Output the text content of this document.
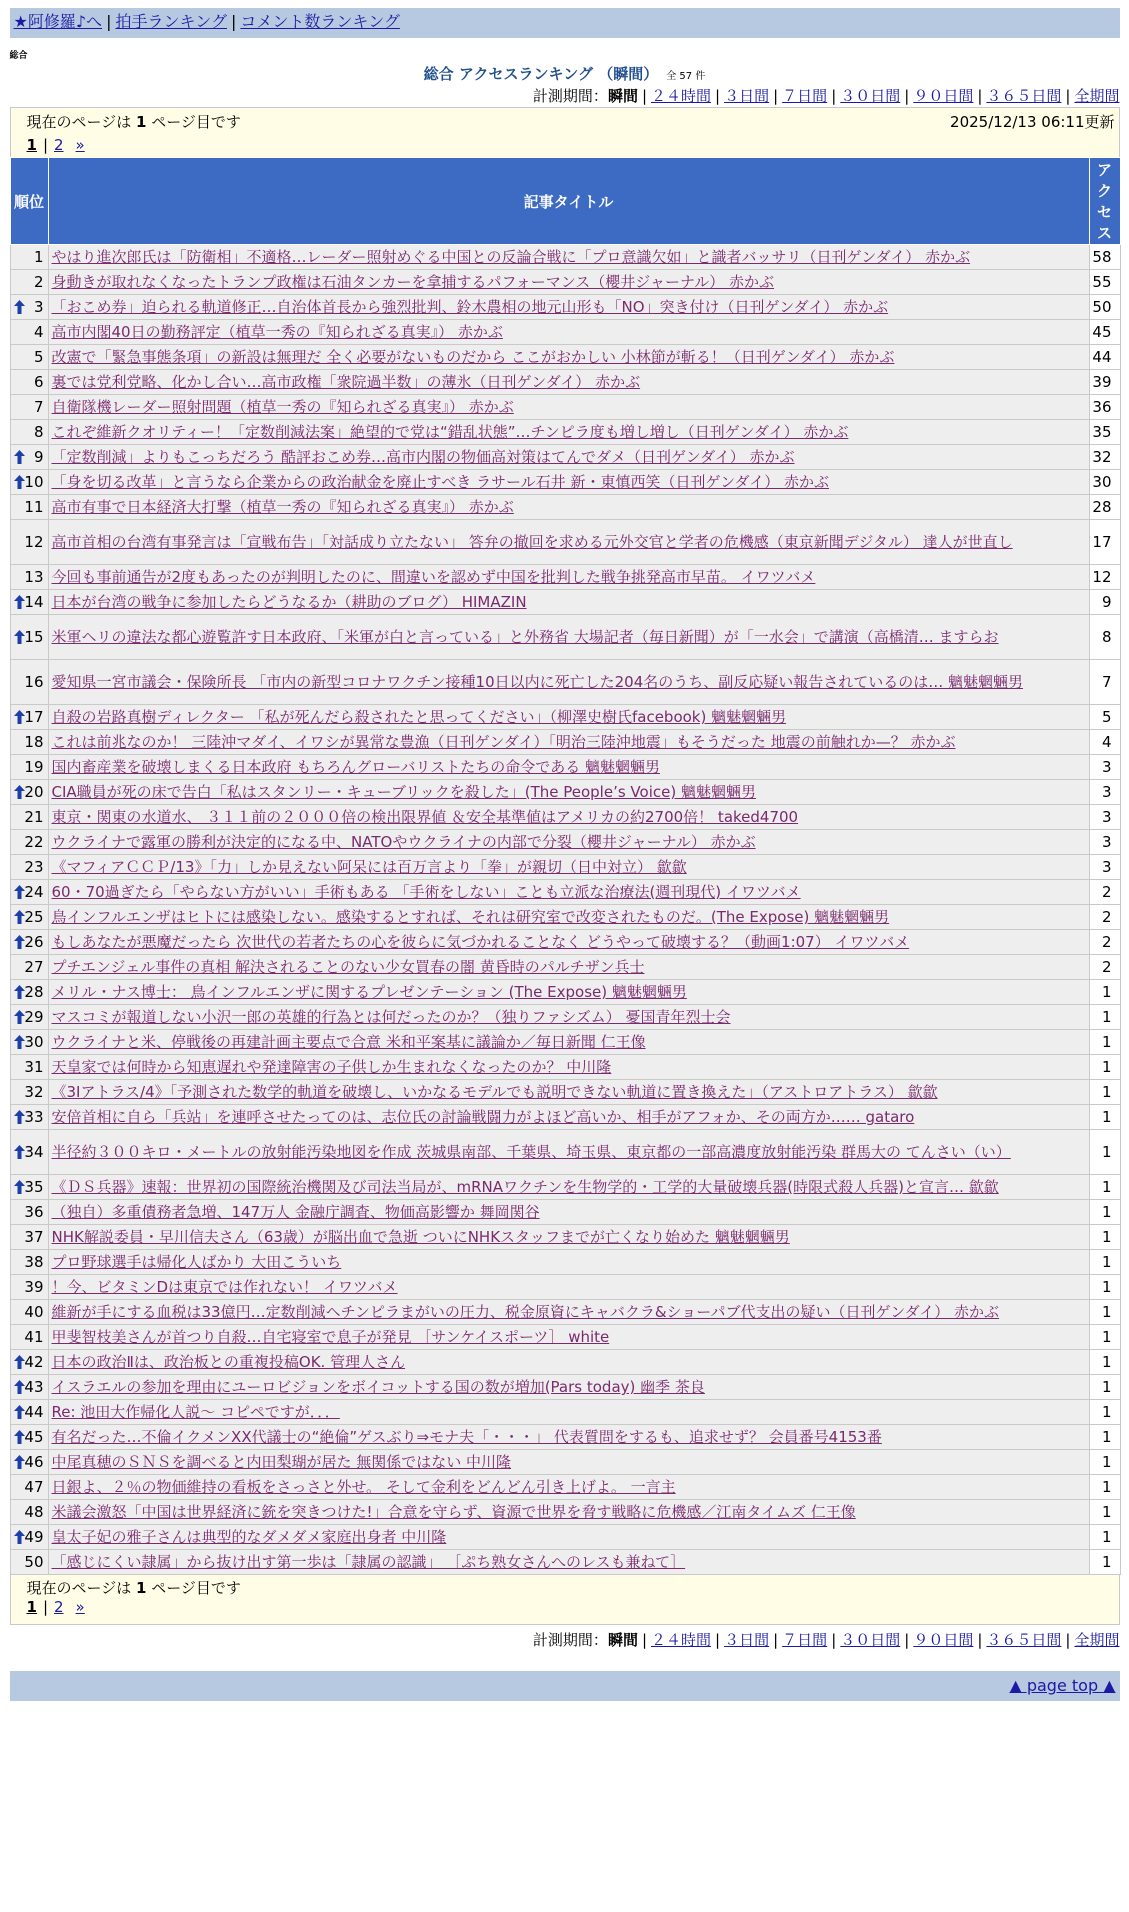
★阿修羅♪へ | 拍手ランキング | コメント数ランキング
総合
総合 アクセスランキング （瞬間） 全 57 件
計測期間：瞬間 | ２４時間 | ３日間 | ７日間 | ３０日間 | ９０日間 | ３６５日間 | 全期間
現在のページは 1 ページ目です	2025/12/13 06:11更新
1 | 2 »
順位	記事タイトル	アクセス
1	やはり進次郎氏は「防衛相」不適格…レーダー照射めぐる中国との反論合戦に「プロ意識欠如」と識者バッサリ（日刊ゲンダイ） 赤かぶ	58
2	身動きが取れなくなったトランプ政権は石油タンカーを拿捕するパフォーマンス（櫻井ジャーナル） 赤かぶ	55

3	「おこめ券」迫られる軌道修正…自治体首長から強烈批判、鈴木農相の地元山形も「NO」突き付け（日刊ゲンダイ） 赤かぶ	50
4	高市内閣40日の勤務評定（植草一秀の『知られざる真実』） 赤かぶ	45
5	改憲で「緊急事態条項」の新設は無理だ 全く必要がないものだから ここがおかしい 小林節が斬る！（日刊ゲンダイ） 赤かぶ	44
6	裏では党利党略、化かし合い…高市政権「衆院過半数」の薄氷（日刊ゲンダイ） 赤かぶ	39
7	自衛隊機レーダー照射問題（植草一秀の『知られざる真実』） 赤かぶ	36
8	これぞ維新クオリティー！「定数削減法案」絶望的で党は“錯乱状態”…チンピラ度も増し増し（日刊ゲンダイ） 赤かぶ	35

9	「定数削減」よりもこっちだろう 酷評おこめ券…高市内閣の物価高対策はてんでダメ（日刊ゲンダイ） 赤かぶ	32

10	「身を切る改革」と言うなら企業からの政治献金を廃止すべき ラサール石井 新・東慎西笑（日刊ゲンダイ） 赤かぶ	30
11	高市有事で日本経済大打撃（植草一秀の『知られざる真実』） 赤かぶ	28
12	高市首相の台湾有事発言は「宣戦布告」「対話成り立たない」 答弁の撤回を求める元外交官と学者の危機感（東京新聞デジタル） 達人が世直し	17
13	今回も事前通告が2度もあったのが判明したのに、間違いを認めず中国を批判した戦争挑発高市早苗。 イワツバメ	12

14	日本が台湾の戦争に参加したらどうなるか（耕助のブログ） HIMAZIN	9

15	米軍ヘリの違法な都心遊覧許す日本政府、「米軍が白と言っている」と外務省 大場記者（毎日新聞）が「一水会」で講演（高橋清… ますらお	8
16	愛知県一宮市議会・保険所長 「市内の新型コロナワクチン接種10日以内に死亡した204名のうち、副反応疑い報告されているのは… 魑魅魍魎男	7

17	自殺の岩路真樹ディレクター 「私が死んだら殺されたと思ってください」（柳澤史樹氏facebook) 魑魅魍魎男	5
18	これは前兆なのか！ 三陸沖マダイ、イワシが異常な豊漁（日刊ゲンダイ）「明治三陸沖地震」もそうだった 地震の前触れか—？ 赤かぶ	4
19	国内畜産業を破壊しまくる日本政府 もちろんグローバリストたちの命令である 魑魅魍魎男	3

20	CIA職員が死の床で告白「私はスタンリー・キューブリックを殺した」(The People’s Voice) 魑魅魍魎男	3
21	東京・関東の水道水、 ３１１前の２０００倍の検出限界値 ＆安全基準値はアメリカの約2700倍！ taked4700	3
22	ウクライナで露軍の勝利が決定的になる中、NATOやウクライナの内部で分裂（櫻井ジャーナル） 赤かぶ	3
23	《マフィアＣＣＰ/13》「力」しか見えない阿呆には百万言より「拳」が親切（日中対立） 歙歙	3

24	60・70過ぎたら「やらない方がいい」手術もある 「手術をしない」ことも立派な治療法(週刊現代) イワツバメ	2

25	鳥インフルエンザはヒトには感染しない。感染するとすれば、それは研究室で改変されたものだ。(The Expose) 魑魅魍魎男	2

26	もしあなたが悪魔だったら 次世代の若者たちの心を彼らに気づかれることなく どうやって破壊する？（動画1:07） イワツバメ	2
27	プチエンジェル事件の真相 解決されることのない少女買春の闇 黄昏時のパルチザン兵士	2

28	メリル・ナス博士： 鳥インフルエンザに関するプレゼンテーション (The Expose) 魑魅魍魎男	1

29	マスコミが報道しない小沢一郎の英雄的行為とは何だったのか？（独りファシズム） 憂国青年烈士会	1

30	ウクライナと米、停戦後の再建計画主要点で合意 米和平案基に議論か／毎日新聞 仁王像	1
31	天皇家では何時から知恵遅れや発達障害の子供しか生まれなくなったのか？ 中川隆	1
32	《3Iアトラス/4》「予測された数学的軌道を破壊し、いかなるモデルでも説明できない軌道に置き換えた」（アストロアトラス） 歙歙	1

33	安倍首相に自ら「兵站」を連呼させたってのは、志位氏の討論戦闘力がよほど高いか、相手がアフォか、その両方か…… gataro	1

34	半径約３００キロ・メートルの放射能汚染地図を作成 茨城県南部、千葉県、埼玉県、東京都の一部高濃度放射能汚染 群馬大の てんさい（い）	1

35	《ＤＳ兵器》速報：世界初の国際統治機関及び司法当局が、mRNAワクチンを生物学的・工学的大量破壊兵器(時限式殺人兵器)と宣言… 歙歙	1
36	（独自）多重債務者急増、147万人 金融庁調査、物価高影響か 舞岡関谷	1
37	NHK解説委員・早川信夫さん（63歳）が脳出血で急逝 ついにNHKスタッフまでが亡くなり始めた 魑魅魍魎男	1
38	プロ野球選手は帰化人ばかり 大田こういち	1
39	！今、ビタミンDは東京では作れない！ イワツバメ	1
40	維新が手にする血税は33億円…定数削減ヘチンピラまがいの圧力、税金原資にキャバクラ&ショーパブ代支出の疑い（日刊ゲンダイ） 赤かぶ	1
41	甲斐智枝美さんが首つり自殺…自宅寝室で息子が発見 ［サンケイスポーツ］ white	1

42	日本の政治Ⅱは、政治板との重複投稿OK. 管理人さん	1

43	イスラエルの参加を理由にユーロビジョンをボイコットする国の数が増加(Pars today) 幽季 茶良	1

44	Re: 池田大作帰化人説～ コピペですが．．．	1

45	有名だった…不倫イクメンXX代議士の“絶倫”ゲスぶり⇒モナ夫「・・・」 代表質問をするも、追求せず？ 会員番号4153番	1

46	中尾真穂のＳＮＳを調べると内田梨瑚が居た 無関係ではない 中川隆	1
47	日銀よ、２％の物価維持の看板をさっさと外せ。 そして金利をどんどん引き上げよ。 一言主	1
48	米議会激怒「中国は世界経済に銃を突きつけた!」合意を守らず、資源で世界を脅す戦略に危機感／江南タイムズ 仁王像	1

49	皇太子妃の雅子さんは典型的なダメダメ家庭出身者 中川隆	1
50	「感じにくい隷属」から抜け出す第一歩は「隷属の認識」 ［ぷち熟女さんへのレスも兼ねて］	1
現在のページは 1 ページ目です
1 | 2 »
計測期間：瞬間 | ２４時間 | ３日間 | ７日間 | ３０日間 | ９０日間 | ３６５日間 | 全期間
▲ page top ▲
